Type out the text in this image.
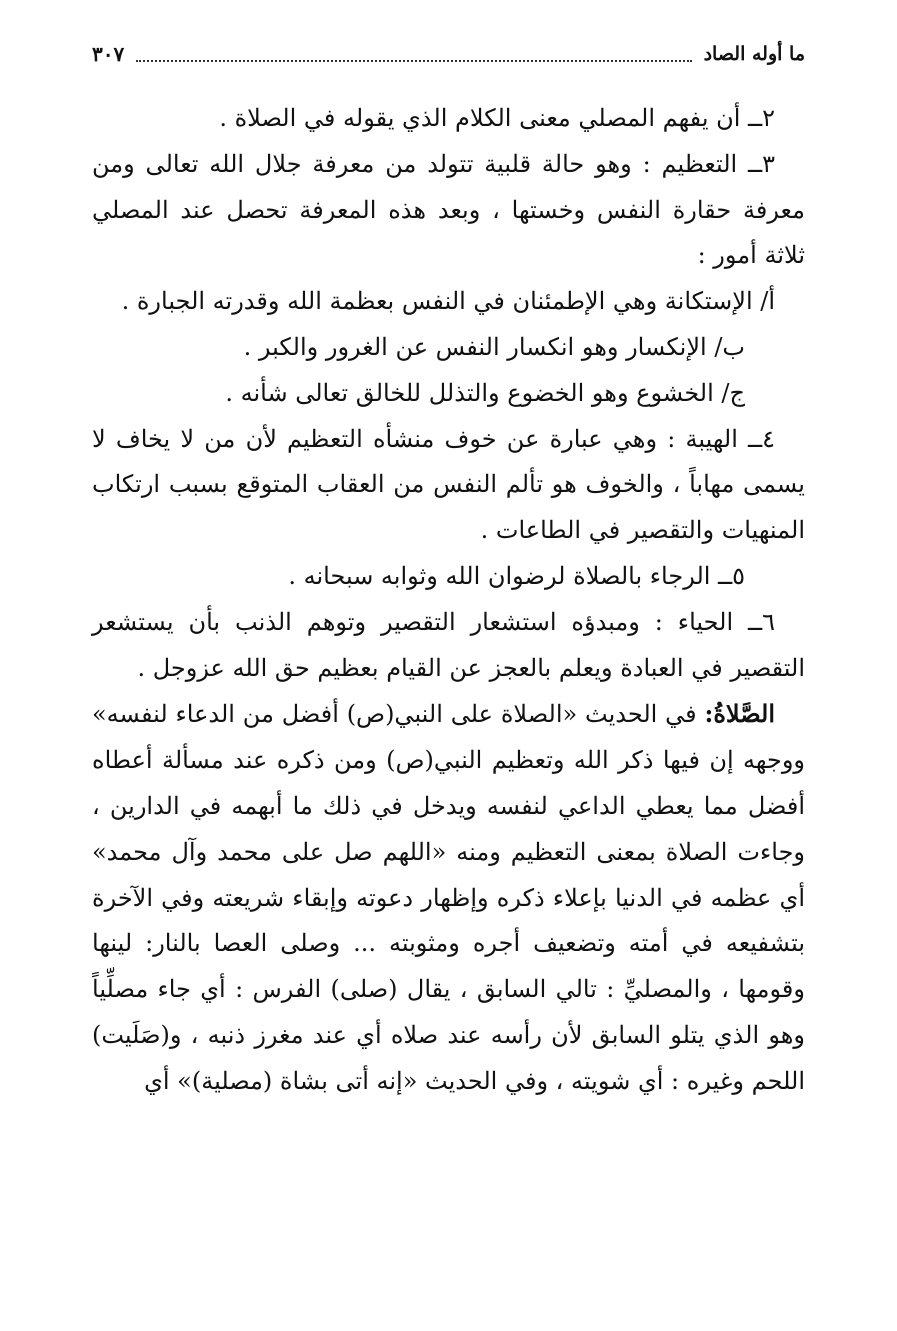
ما أوله الصاد
٣٠٧

٢ــ أن يفهم المصلي معنى الكلام الذي يقوله في الصلاة .

٣ــ التعظيم : وهو حالة قلبية تتولد من معرفة جلال الله تعالى ومن معرفة حقارة النفس وخستها ، وبعد هذه المعرفة تحصل عند المصلي ثلاثة أمور :

أ/ الإستكانة وهي الإطمئنان في النفس بعظمة الله وقدرته الجبارة .

ب/ الإنكسار وهو انكسار النفس عن الغرور والكبر .

ج/ الخشوع وهو الخضوع والتذلل للخالق تعالى شأنه .

٤ــ الهيبة : وهي عبارة عن خوف منشأه التعظيم لأن من لا يخاف لا يسمى مهاباً ، والخوف هو تألم النفس من العقاب المتوقع بسبب ارتكاب المنهيات والتقصير في الطاعات .

٥ــ الرجاء بالصلاة لرضوان الله وثوابه سبحانه .

٦ــ الحياء : ومبدؤه استشعار التقصير وتوهم الذنب بأن يستشعر التقصير في العبادة ويعلم بالعجز عن القيام بعظيم حق الله عزوجل .

الصَّلاةُ: في الحديث «الصلاة على النبي(ص) أفضل من الدعاء لنفسه» ووجهه إن فيها ذكر الله وتعظيم النبي(ص) ومن ذكره عند مسألة أعطاه أفضل مما يعطي الداعي لنفسه ويدخل في ذلك ما أبهمه في الدارين ، وجاءت الصلاة بمعنى التعظيم ومنه «اللهم صل على محمد وآل محمد» أي عظمه في الدنيا بإعلاء ذكره وإظهار دعوته وإبقاء شريعته وفي الآخرة بتشفيعه في أمته وتضعيف أجره ومثوبته ... وصلى العصا بالنار: لينها وقومها ، والمصليِّ : تالي السابق ، يقال (صلى) الفرس : أي جاء مصلِّياً وهو الذي يتلو السابق لأن رأسه عند صلاه أي عند مغرز ذنبه ، و(صَلَيت) اللحم وغيره : أي شويته ، وفي الحديث «إنه أتى بشاة (مصلية)» أي
